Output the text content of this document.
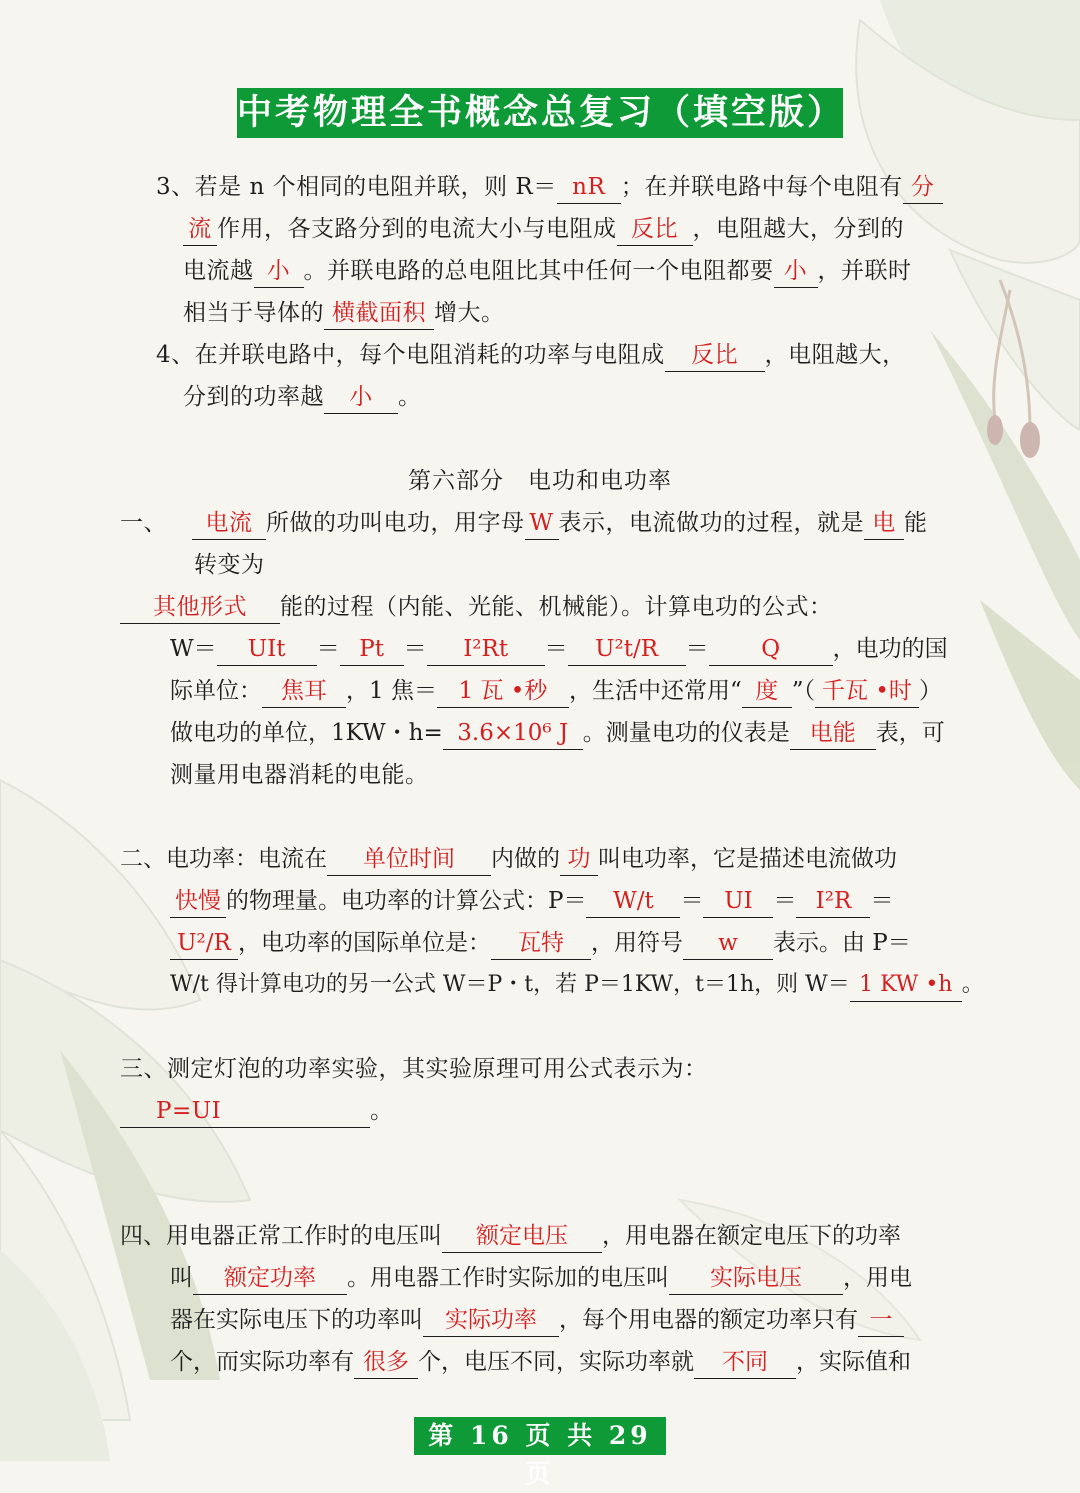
中考物理全书概念总复习（填空版）
3、若是 n 个相同的电阻并联，则 R＝ nR ；在并联电路中每个电阻有 分
流 作用，各支路分到的电流大小与电阻成 反比 ，电阻越大，分到的
电流越 小 。并联电路的总电阻比其中任何一个电阻都要 小 ，并联时
相当于导体的 横截面积 增大。
4、在并联电路中，每个电阻消耗的功率与电阻成 反比 ，电阻越大，
分到的功率越 小 。
第六部分　电功和电功率
一、 电流 所做的功叫电功，用字母 W 表示，电流做功的过程，就是 电 能
转变为
其他形式 能的过程（内能、光能、机械能）。计算电功的公式：
W＝ UIt ＝ Pt ＝ I²Rt ＝ U²t/R ＝ Q ，电功的国
际单位： 焦耳 ，1 焦＝ 1 瓦 •秒 ，生活中还常用“ 度 ”（ 千瓦 •时 ）
做电功的单位，1KW・h= 3.6×10⁶ J 。测量电功的仪表是 电能 表，可
测量用电器消耗的电能。
二、电功率：电流在 单位时间 内做的 功 叫电功率，它是描述电流做功
快慢 的物理量。电功率的计算公式：P＝ W/t ＝ UI ＝ I²R ＝
U²/R ，电功率的国际单位是： 瓦特 ，用符号 w 表示。由 P＝
W/t 得计算电功的另一公式 W＝P・t，若 P＝1KW，t＝1h，则 W＝ 1 KW •h 。
三、测定灯泡的功率实验，其实验原理可用公式表示为：
P=UI	。
四、用电器正常工作时的电压叫 额定电压 ，用电器在额定电压下的功率
叫 额定功率 。用电器工作时实际加的电压叫 实际电压 ，用电
器在实际电压下的功率叫 实际功率 ，每个用电器的额定功率只有 一
个，而实际功率有 很多 个，电压不同，实际功率就 不同 ，实际值和
第 16 页 共 29 页
